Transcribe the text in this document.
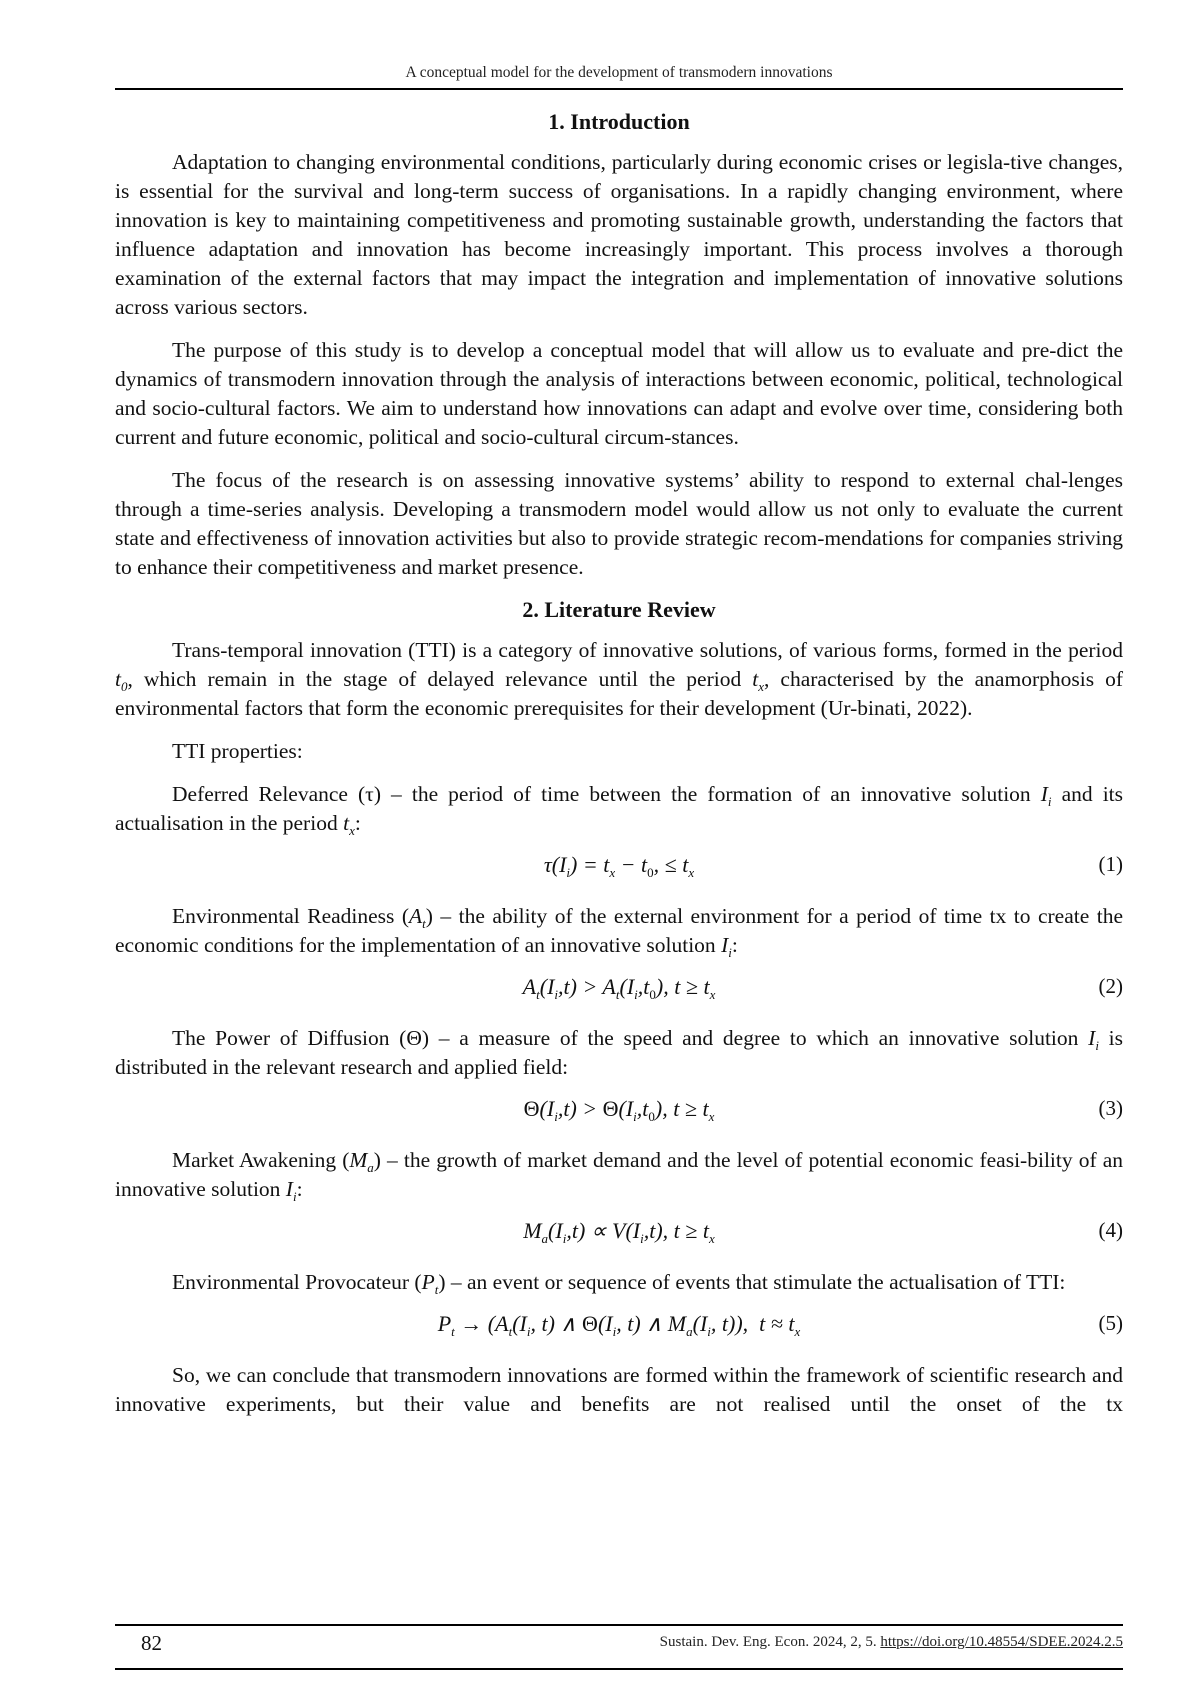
A conceptual model for the development of transmodern innovations
1. Introduction

Adaptation to changing environmental conditions, particularly during economic crises or legisla-tive changes, is essential for the survival and long-term success of organisations. In a rapidly changing environment, where innovation is key to maintaining competitiveness and promoting sustainable growth, understanding the factors that influence adaptation and innovation has become increasingly important. This process involves a thorough examination of the external factors that may impact the integration and implementation of innovative solutions across various sectors.

The purpose of this study is to develop a conceptual model that will allow us to evaluate and pre-dict the dynamics of transmodern innovation through the analysis of interactions between economic, political, technological and socio-cultural factors. We aim to understand how innovations can adapt and evolve over time, considering both current and future economic, political and socio-cultural circum-stances.

The focus of the research is on assessing innovative systems’ ability to respond to external chal-lenges through a time-series analysis. Developing a transmodern model would allow us not only to evaluate the current state and effectiveness of innovation activities but also to provide strategic recom-mendations for companies striving to enhance their competitiveness and market presence.

2. Literature Review

Trans-temporal innovation (TTI) is a category of innovative solutions, of various forms, formed in the period $t_0$, which remain in the stage of delayed relevance until the period $t_x$, characterised by the anamorphosis of environmental factors that form the economic prerequisites for their development (Ur-binati, 2022).

TTI properties:

Deferred Relevance (τ) – the period of time between the formation of an innovative solution $I_i$ and its actualisation in the period $t_x$:

$\tau(I_i) = t_x - t_0$, ≤ $t_x$	(1)

Environmental Readiness $(A_t)$ – the ability of the external environment for a period of time tx to create the economic conditions for the implementation of an innovative solution $I_i$:

$A_t(I_i,t) > A_t(I_i,t_0)$, $t \ge t_x$	(2)

The Power of Diffusion (Θ) – a measure of the speed and degree to which an innovative solution $I_i$ is distributed in the relevant research and applied field:

$\Theta(I_i,t) > \Theta(I_i,t_0)$, $t \ge t_x$	(3)

Market Awakening $(M_a)$ – the growth of market demand and the level of potential economic feasi-bility of an innovative solution $I_i$:

$M_a(I_i,t) \propto V(I_i,t)$, $t \ge t_x$	(4)

Environmental Provocateur $(P_t)$ – an event or sequence of events that stimulate the actualisation of TTI:

$P_t \to (A_t(I_i$, t) ∧ $\Theta(I_i$, t) ∧ $M_a(I_i$, t)),  $t \approx t_x$	(5)

So, we can conclude that transmodern innovations are formed within the framework of scientific research and innovative experiments, but their value and benefits are not realised until the onset of the tx

82	Sustain. Dev. Eng. Econ. 2024, 2, 5. https://doi.org/10.48554/SDEE.2024.2.5
